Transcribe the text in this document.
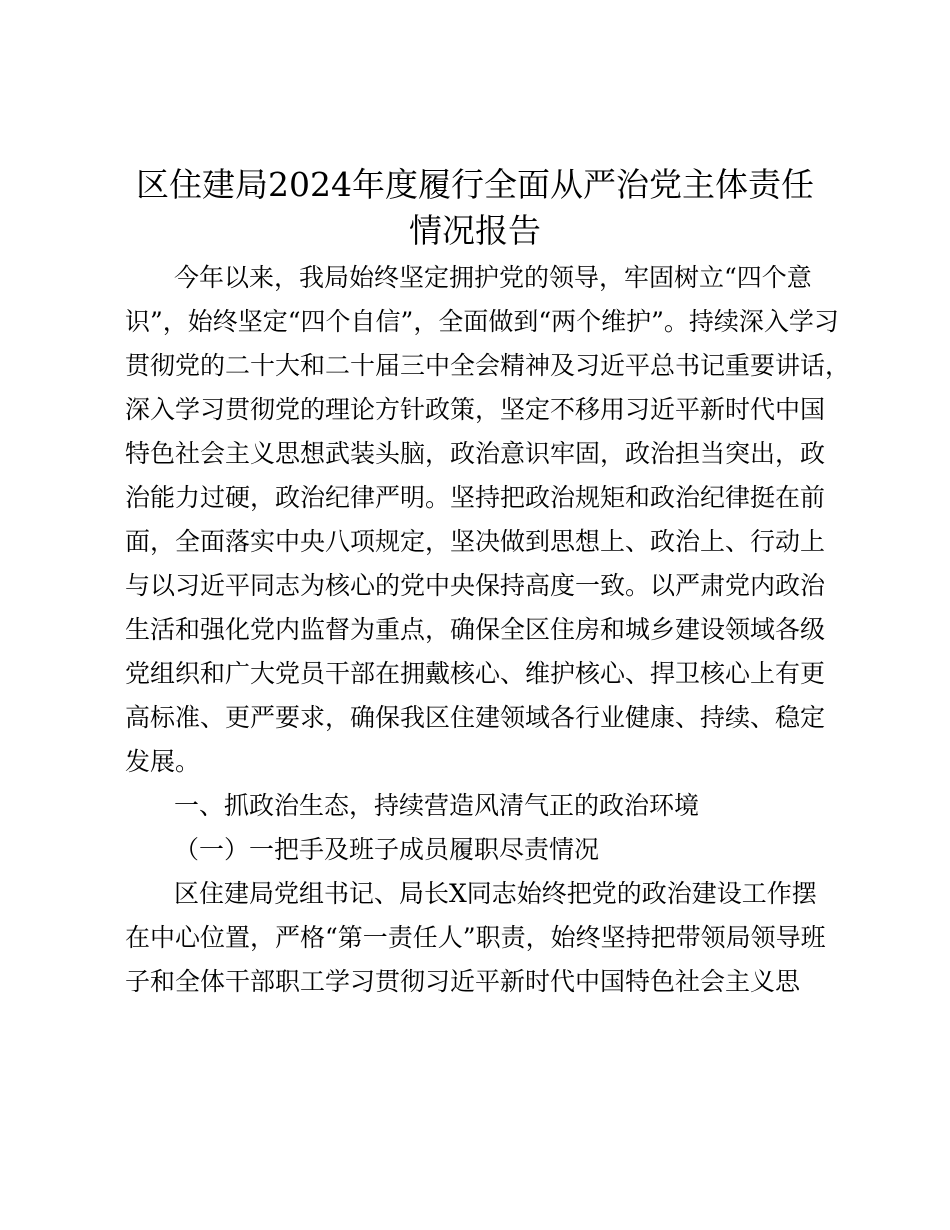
区住建局2024年度履行全面从严治党主体责任
情况报告
今年以来，我局始终坚定拥护党的领导，牢固树立“四个意
识”，始终坚定“四个自信”，全面做到“两个维护”。持续深入学习
贯彻党的二十大和二十届三中全会精神及习近平总书记重要讲话，
深入学习贯彻党的理论方针政策，坚定不移用习近平新时代中国
特色社会主义思想武装头脑，政治意识牢固，政治担当突出，政
治能力过硬，政治纪律严明。坚持把政治规矩和政治纪律挺在前
面，全面落实中央八项规定，坚决做到思想上、政治上、行动上
与以习近平同志为核心的党中央保持高度一致。以严肃党内政治
生活和强化党内监督为重点，确保全区住房和城乡建设领域各级
党组织和广大党员干部在拥戴核心、维护核心、捍卫核心上有更
高标准、更严要求，确保我区住建领域各行业健康、持续、稳定
发展。
一、抓政治生态，持续营造风清气正的政治环境
（一）一把手及班子成员履职尽责情况
区住建局党组书记、局长X同志始终把党的政治建设工作摆
在中心位置，严格“第一责任人”职责，始终坚持把带领局领导班
子和全体干部职工学习贯彻习近平新时代中国特色社会主义思
